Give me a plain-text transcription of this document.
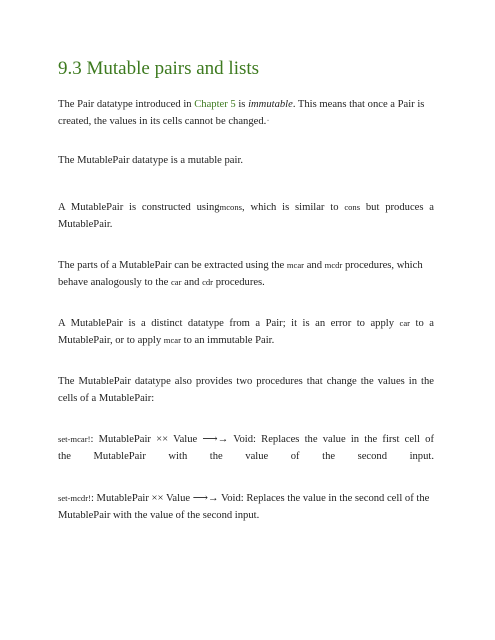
9.3 Mutable pairs and lists

The Pair datatype introduced in Chapter 5 is immutable. This means that once a Pair is created, the values in its cells cannot be changed.·

The MutablePair datatype is a mutable pair.

A MutablePair is constructed usingmcons, which is similar to cons but produces a MutablePair.

The parts of a MutablePair can be extracted using the mcar and mcdr procedures, which behave analogously to the car and cdr procedures.

A MutablePair is a distinct datatype from a Pair; it is an error to apply car to a MutablePair, or to apply mcar to an immutable Pair.

The MutablePair datatype also provides two procedures that change the values in the cells of a MutablePair:

set-mcar!: MutablePair ×× Value ⟶→ Void: Replaces the value in the first cell of
the MutablePair with the value of the second input.

set-mcdr!: MutablePair ×× Value ⟶→ Void: Replaces the value in the second cell of the MutablePair with the value of the second input.
